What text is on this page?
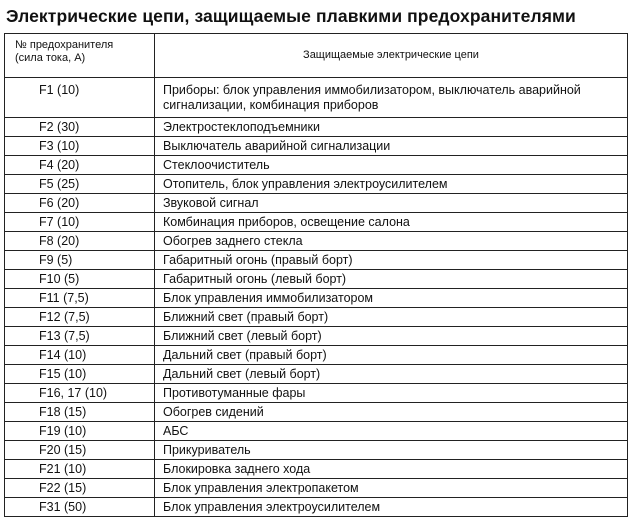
Электрические цепи, защищаемые плавкими предохранителями
№ предохранителя
(сила тока, А)	Защищаемые электрические цепи
F1 (10)	Приборы: блок управления иммобилизатором, выключатель аварийной сигнализации, комбинация приборов
F2 (30)	Электростеклоподъемники
F3 (10)	Выключатель аварийной сигнализации
F4 (20)	Стеклоочиститель
F5 (25)	Отопитель, блок управления электроусилителем
F6 (20)	Звуковой сигнал
F7 (10)	Комбинация приборов, освещение салона
F8 (20)	Обогрев заднего стекла
F9 (5)	Габаритный огонь (правый борт)
F10 (5)	Габаритный огонь (левый борт)
F11 (7,5)	Блок управления иммобилизатором
F12 (7,5)	Ближний свет (правый борт)
F13 (7,5)	Ближний свет (левый борт)
F14 (10)	Дальний свет (правый борт)
F15 (10)	Дальний свет (левый борт)
F16, 17 (10)	Противотуманные фары
F18 (15)	Обогрев сидений
F19 (10)	АБС
F20 (15)	Прикуриватель
F21 (10)	Блокировка заднего хода
F22 (15)	Блок управления электропакетом
F31 (50)	Блок управления электроусилителем
